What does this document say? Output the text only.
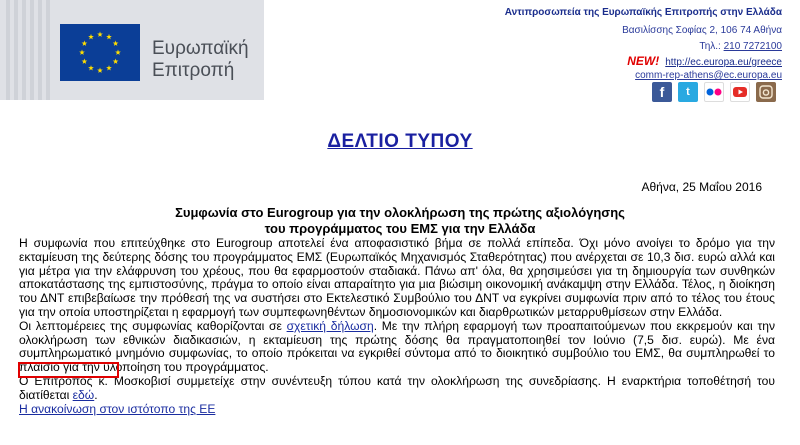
Ευρωπαϊκή
Επιτροπή
Αντιπροσωπεία της Ευρωπαϊκής Επιτροπής στην Ελλάδα
Βασιλίσσης Σοφίας 2, 106 74 Αθήνα
Τηλ.: 210 7272100
NEW! http://ec.europa.eu/greece
comm-rep-athens@ec.europa.eu
f	t
ΔΕΛΤΙΟ ΤΥΠΟΥ
Αθήνα, 25 Μαΐου 2016
Συμφωνία στο Eurogroup για την ολοκλήρωση της πρώτης αξιολόγησης
του προγράμματος του ΕΜΣ για την Ελλάδα

Η συμφωνία που επιτεύχθηκε στο Eurogroup αποτελεί ένα αποφασιστικό βήμα σε πολλά επίπεδα. Όχι μόνο ανοίγει το δρόμο για την εκταμίευση της δεύτερης δόσης του προγράμματος ΕΜΣ (Ευρωπαϊκός Μηχανισμός Σταθερότητας) που ανέρχεται σε 10,3 δισ. ευρώ αλλά και για μέτρα για την ελάφρυνση του χρέους, που θα εφαρμοστούν σταδιακά. Πάνω απ' όλα, θα χρησιμεύσει για τη δημιουργία των συνθηκών αποκατάστασης της εμπιστοσύνης, πράγμα το οποίο είναι απαραίτητο για μια βιώσιμη οικονομική ανάκαμψη στην Ελλάδα. Τέλος, η διοίκηση του ΔΝΤ επιβεβαίωσε την πρόθεσή της να συστήσει στο Εκτελεστικό Συμβούλιο του ΔΝΤ να εγκρίνει συμφωνία πριν από το τέλος του έτους για την οποία υποστηρίζεται η εφαρμογή των συμπεφωνηθέντων δημοσιονομικών και διαρθρωτικών μεταρρυθμίσεων στην Ελλάδα.

Οι λεπτομέρειες της συμφωνίας καθορίζονται σε σχετική δήλωση. Με την πλήρη εφαρμογή των προαπαιτούμενων που εκκρεμούν και την ολοκλήρωση των εθνικών διαδικασιών, η εκταμίευση της πρώτης δόσης θα πραγματοποιηθεί τον Ιούνιο (7,5 δισ. ευρώ). Με ένα συμπληρωματικό μνημόνιο συμφωνίας, το οποίο πρόκειται να εγκριθεί σύντομα από το διοικητικό συμβούλιο του ΕΜΣ, θα συμπληρωθεί το πλαίσιο για την υλοποίηση του προγράμματος.

Ο Επίτροπος κ. Μοσκοβισί συμμετείχε στην συνέντευξη τύπου κατά την ολοκλήρωση της συνεδρίασης. Η εναρκτήρια τοποθέτησή του διατίθεται εδώ.

Η ανακοίνωση στον ιστότοπο της ΕΕ
